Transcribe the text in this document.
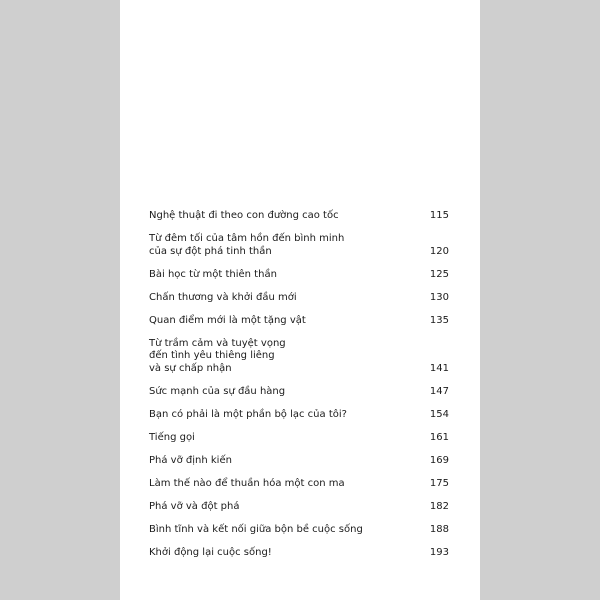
Nghệ thuật đi theo con đường cao tốc	115
Từ đêm tối của tâm hồn đến bình minh
của sự đột phá tinh thần	120
Bài học từ một thiên thần	125
Chấn thương và khởi đầu mới	130
Quan điểm mới là một tặng vật	135
Từ trầm cảm và tuyệt vọng
đến tình yêu thiêng liêng
và sự chấp nhận	141
Sức mạnh của sự đầu hàng	147
Bạn có phải là một phần bộ lạc của tôi?	154
Tiếng gọi	161
Phá vỡ định kiến	169
Làm thế nào để thuần hóa một con ma	175
Phá vỡ và đột phá	182
Bình tĩnh và kết nối giữa bộn bề cuộc sống	188
Khởi động lại cuộc sống!	193
